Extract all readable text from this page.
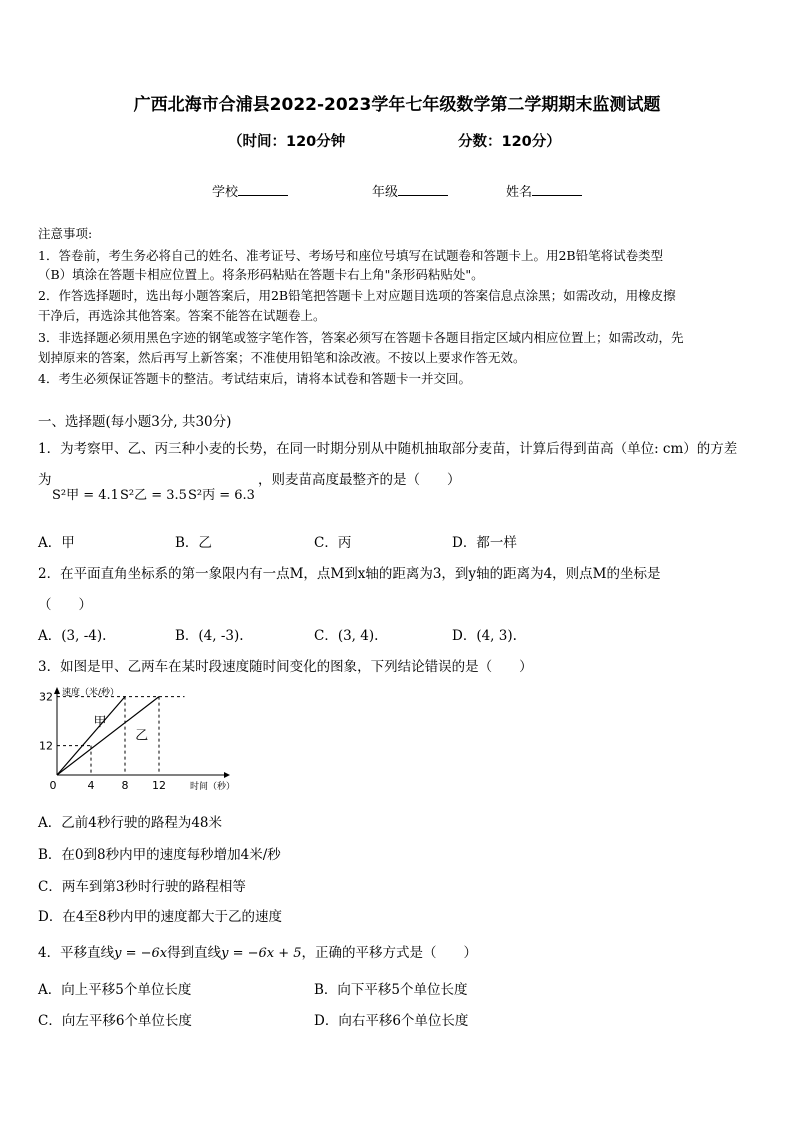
广西北海市合浦县2022-2023学年七年级数学第二学期期末监测试题
（时间：120分钟	分数：120分）
学校	年级	姓名
注意事项:
1．答卷前，考生务必将自己的姓名、准考证号、考场号和座位号填写在试题卷和答题卡上。用2B铅笔将试卷类型
（B）填涂在答题卡相应位置上。将条形码粘贴在答题卡右上角"条形码粘贴处"。
2．作答选择题时，选出每小题答案后，用2B铅笔把答题卡上对应题目选项的答案信息点涂黑；如需改动，用橡皮擦
干净后，再选涂其他答案。答案不能答在试题卷上。
3．非选择题必须用黑色字迹的钢笔或签字笔作答，答案必须写在答题卡各题目指定区域内相应位置上；如需改动，先
划掉原来的答案，然后再写上新答案；不准使用铅笔和涂改液。不按以上要求作答无效。
4．考生必须保证答题卡的整洁。考试结束后，请将本试卷和答题卡一并交回。
一、选择题(每小题3分, 共30分)
1．为考察甲、乙、丙三种小麦的长势，在同一时期分别从中随机抽取部分麦苗，计算后得到苗高（单位: cm）的方差
为	，则麦苗高度最整齐的是（　　）
S²甲 = 4.1 S²乙 = 3.5 S²丙 = 6.3
A．甲	B．乙	C．丙	D．都一样
2．在平面直角坐标系的第一象限内有一点M，点M到x轴的距离为3，到y轴的距离为4，则点M的坐标是
（　　）
A．(3, -4).	B．(4, -3).	C．(3, 4).	D．(4, 3).
3．如图是甲、乙两车在某时段速度随时间变化的图象，下列结论错误的是（　　）
甲
乙
0	4 8 12
12
32
时间（秒）
速度（米/秒）
A．乙前4秒行驶的路程为48米
B．在0到8秒内甲的速度每秒增加4米/秒
C．两车到第3秒时行驶的路程相等
D．在4至8秒内甲的速度都大于乙的速度
4．平移直线y = −6x得到直线y = −6x + 5，正确的平移方式是（　　）
A．向上平移5个单位长度	B．向下平移5个单位长度
C．向左平移6个单位长度	D．向右平移6个单位长度
